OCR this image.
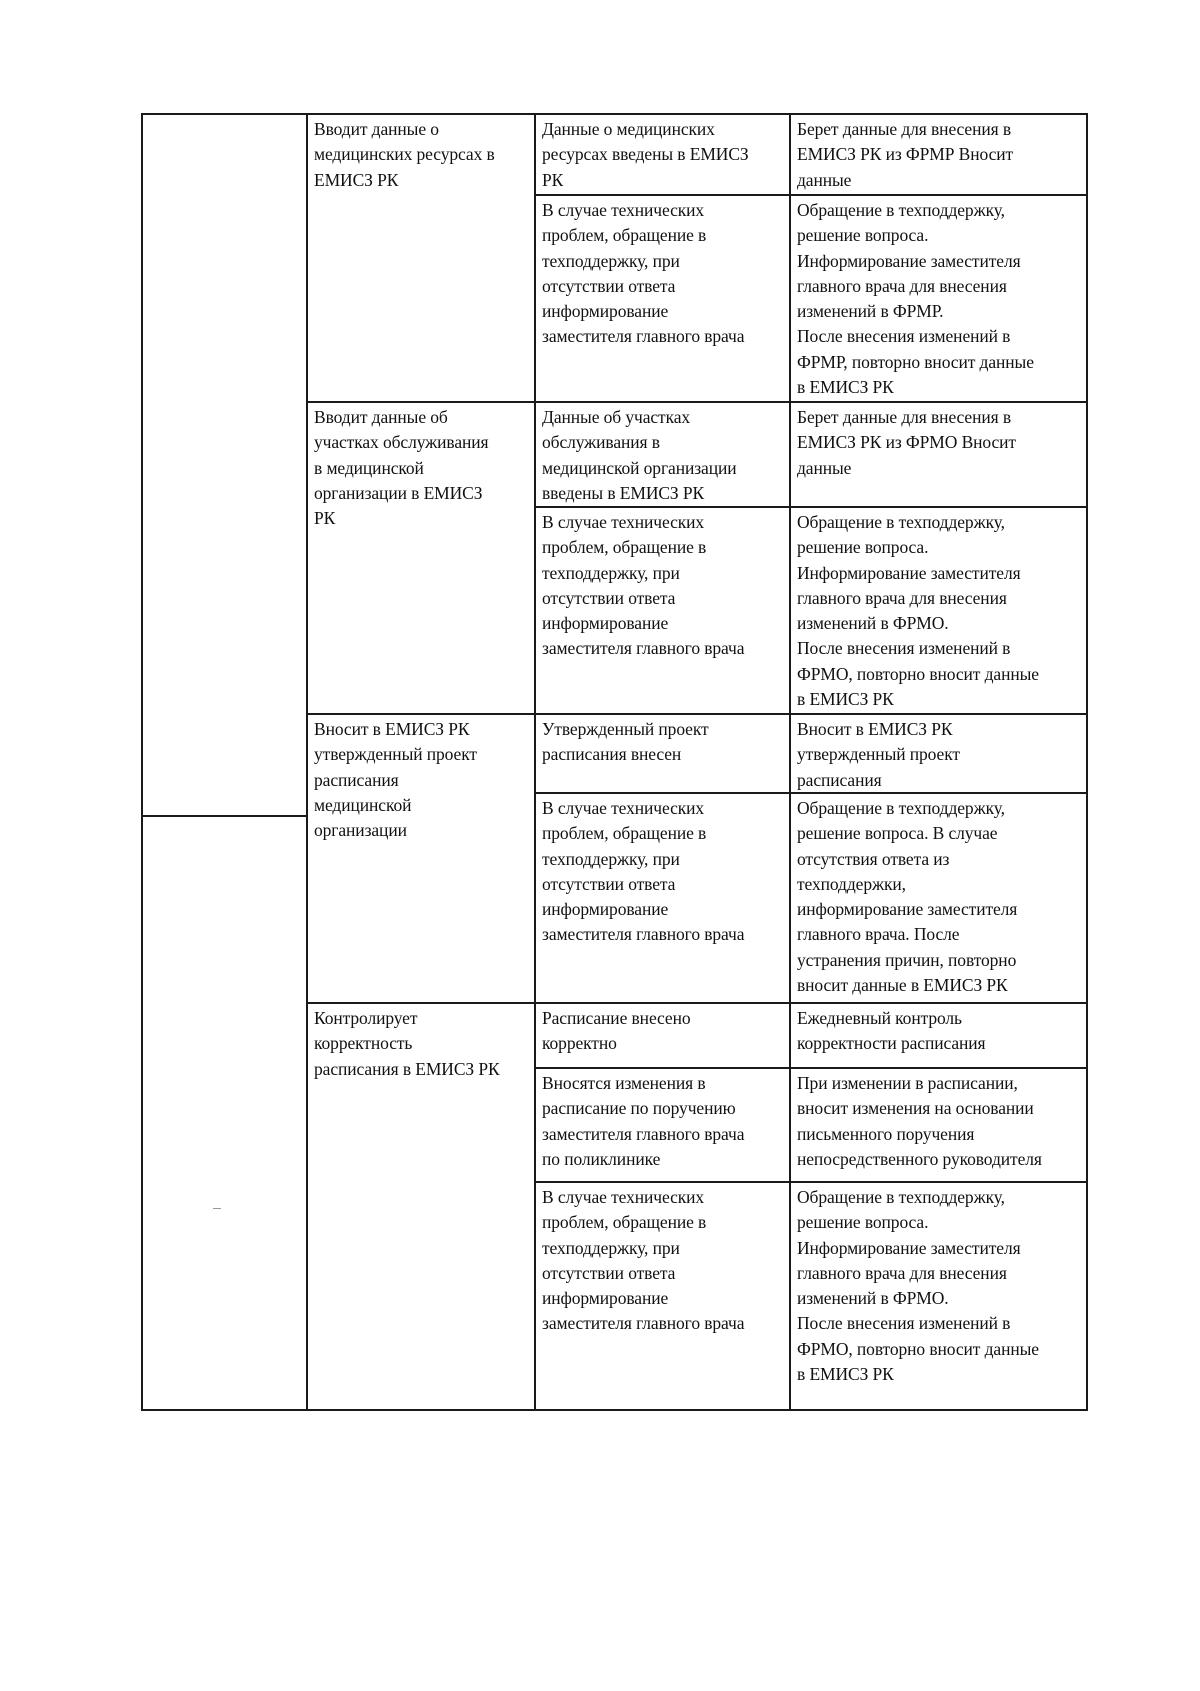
Вводит данные о
медицинских ресурсах в
ЕМИСЗ РК
Данные о медицинских
ресурсах введены в ЕМИСЗ
РК
Берет данные для внесения в
ЕМИСЗ РК из ФРМР Вносит
данные
В случае технических
проблем, обращение в
техподдержку, при
отсутствии ответа
информирование
заместителя главного врача
Обращение в техподдержку,
решение вопроса.
Информирование заместителя
главного врача для внесения
изменений в ФРМР.
После внесения изменений в
ФРМР, повторно вносит данные
в ЕМИСЗ РК
Вводит данные об
участках обслуживания
в медицинской
организации в ЕМИСЗ
РК
Данные об участках
обслуживания в
медицинской организации
введены в ЕМИСЗ РК
Берет данные для внесения в
ЕМИСЗ РК из ФРМО Вносит
данные
В случае технических
проблем, обращение в
техподдержку, при
отсутствии ответа
информирование
заместителя главного врача
Обращение в техподдержку,
решение вопроса.
Информирование заместителя
главного врача для внесения
изменений в ФРМО.
После внесения изменений в
ФРМО, повторно вносит данные
в ЕМИСЗ РК
Вносит в ЕМИСЗ РК
утвержденный проект
расписания
медицинской
организации
Утвержденный проект
расписания внесен
Вносит в ЕМИСЗ РК
утвержденный проект
расписания
В случае технических
проблем, обращение в
техподдержку, при
отсутствии ответа
информирование
заместителя главного врача
Обращение в техподдержку,
решение вопроса. В случае
отсутствия ответа из
техподдержки,
информирование заместителя
главного врача. После
устранения причин, повторно
вносит данные в ЕМИСЗ РК
Контролирует
корректность
расписания в ЕМИСЗ РК
Расписание внесено
корректно
Ежедневный контроль
корректности расписания
Вносятся изменения в
расписание по поручению
заместителя главного врача
по поликлинике
При изменении в расписании,
вносит изменения на основании
письменного поручения
непосредственного руководителя
В случае технических
проблем, обращение в
техподдержку, при
отсутствии ответа
информирование
заместителя главного врача
Обращение в техподдержку,
решение вопроса.
Информирование заместителя
главного врача для внесения
изменений в ФРМО.
После внесения изменений в
ФРМО, повторно вносит данные
в ЕМИСЗ РК
